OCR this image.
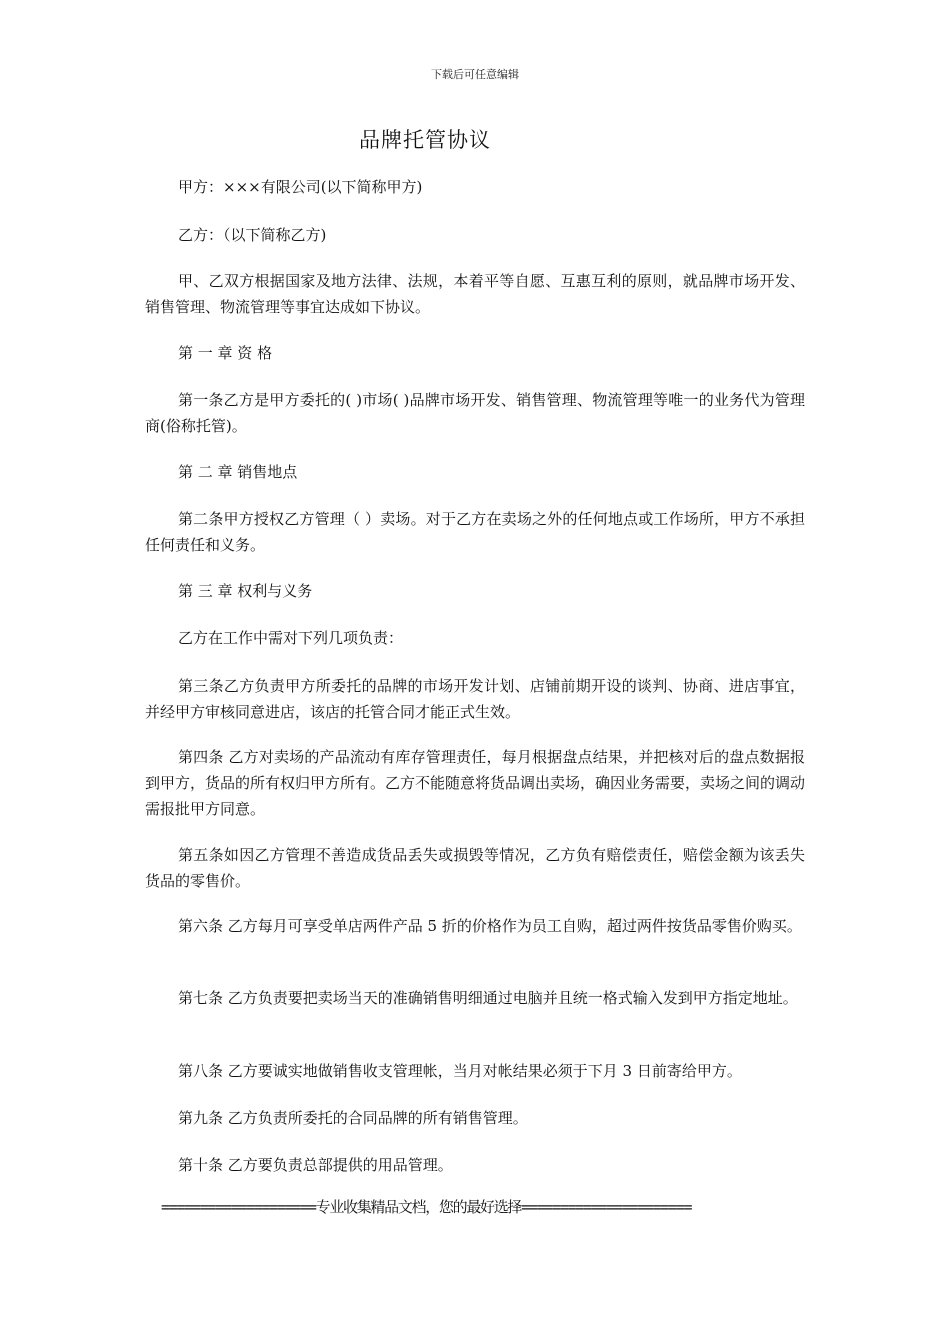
下载后可任意编辑
品牌托管协议

甲方：×××有限公司(以下简称甲方)

乙方：（以下简称乙方)

甲、乙双方根据国家及地方法律、法规，本着平等自愿、互惠互利的原则，就品牌市场开发、销售管理、物流管理等事宜达成如下协议。

第 一 章 资 格

第一条乙方是甲方委托的( )市场( )品牌市场开发、销售管理、物流管理等唯一的业务代为管理商(俗称托管)。

第 二 章 销售地点

第二条甲方授权乙方管理（ ）卖场。对于乙方在卖场之外的任何地点或工作场所，甲方不承担任何责任和义务。

第 三 章 权利与义务

乙方在工作中需对下列几项负责：

第三条乙方负责甲方所委托的品牌的市场开发计划、店铺前期开设的谈判、协商、进店事宜，并经甲方审核同意进店，该店的托管合同才能正式生效。

第四条 乙方对卖场的产品流动有库存管理责任，每月根据盘点结果，并把核对后的盘点数据报到甲方，货品的所有权归甲方所有。乙方不能随意将货品调出卖场，确因业务需要，卖场之间的调动需报批甲方同意。

第五条如因乙方管理不善造成货品丢失或损毁等情况，乙方负有赔偿责任，赔偿金额为该丢失货品的零售价。

第六条 乙方每月可享受单店两件产品 5 折的价格作为员工自购，超过两件按货品零售价购买。

第七条 乙方负责要把卖场当天的准确销售明细通过电脑并且统一格式输入发到甲方指定地址。

第八条 乙方要诚实地做销售收支管理帐，当月对帐结果必须于下月 3 日前寄给甲方。

第九条 乙方负责所委托的合同品牌的所有销售管理。

第十条 乙方要负责总部提供的用品管理。

====================专业收集精品文档，您的最好选择======================
